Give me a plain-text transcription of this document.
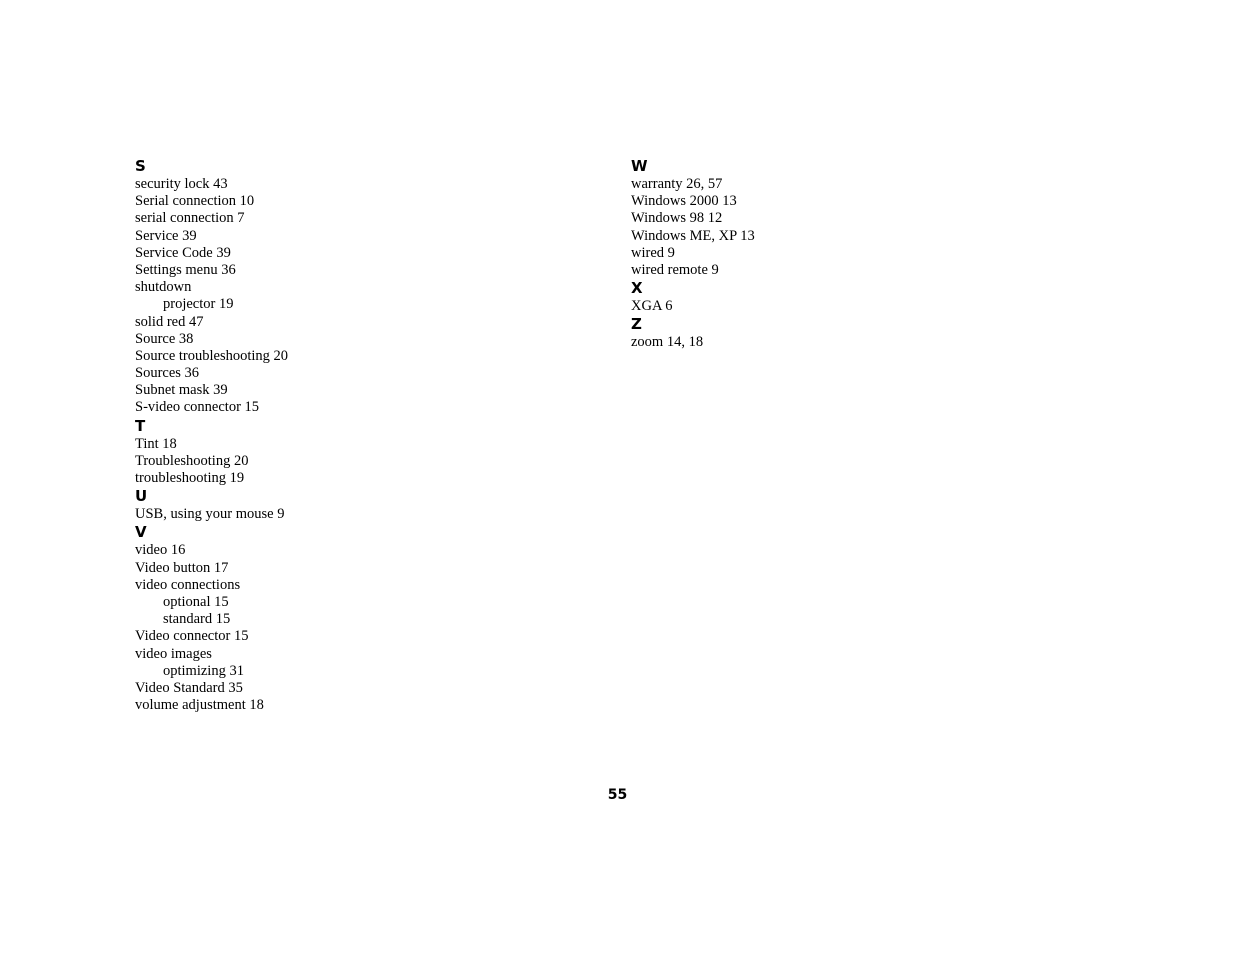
S
security lock 43
Serial connection 10
serial connection 7
Service 39
Service Code 39
Settings menu 36
shutdown
projector 19
solid red 47
Source 38
Source troubleshooting 20
Sources 36
Subnet mask 39
S-video connector 15
T
Tint 18
Troubleshooting 20
troubleshooting 19
U
USB, using your mouse 9
V
video 16
Video button 17
video connections
optional 15
standard 15
Video connector 15
video images
optimizing 31
Video Standard 35
volume adjustment 18
W
warranty 26, 57
Windows 2000 13
Windows 98 12
Windows ME, XP 13
wired 9
wired remote 9
X
XGA 6
Z
zoom 14, 18
55
